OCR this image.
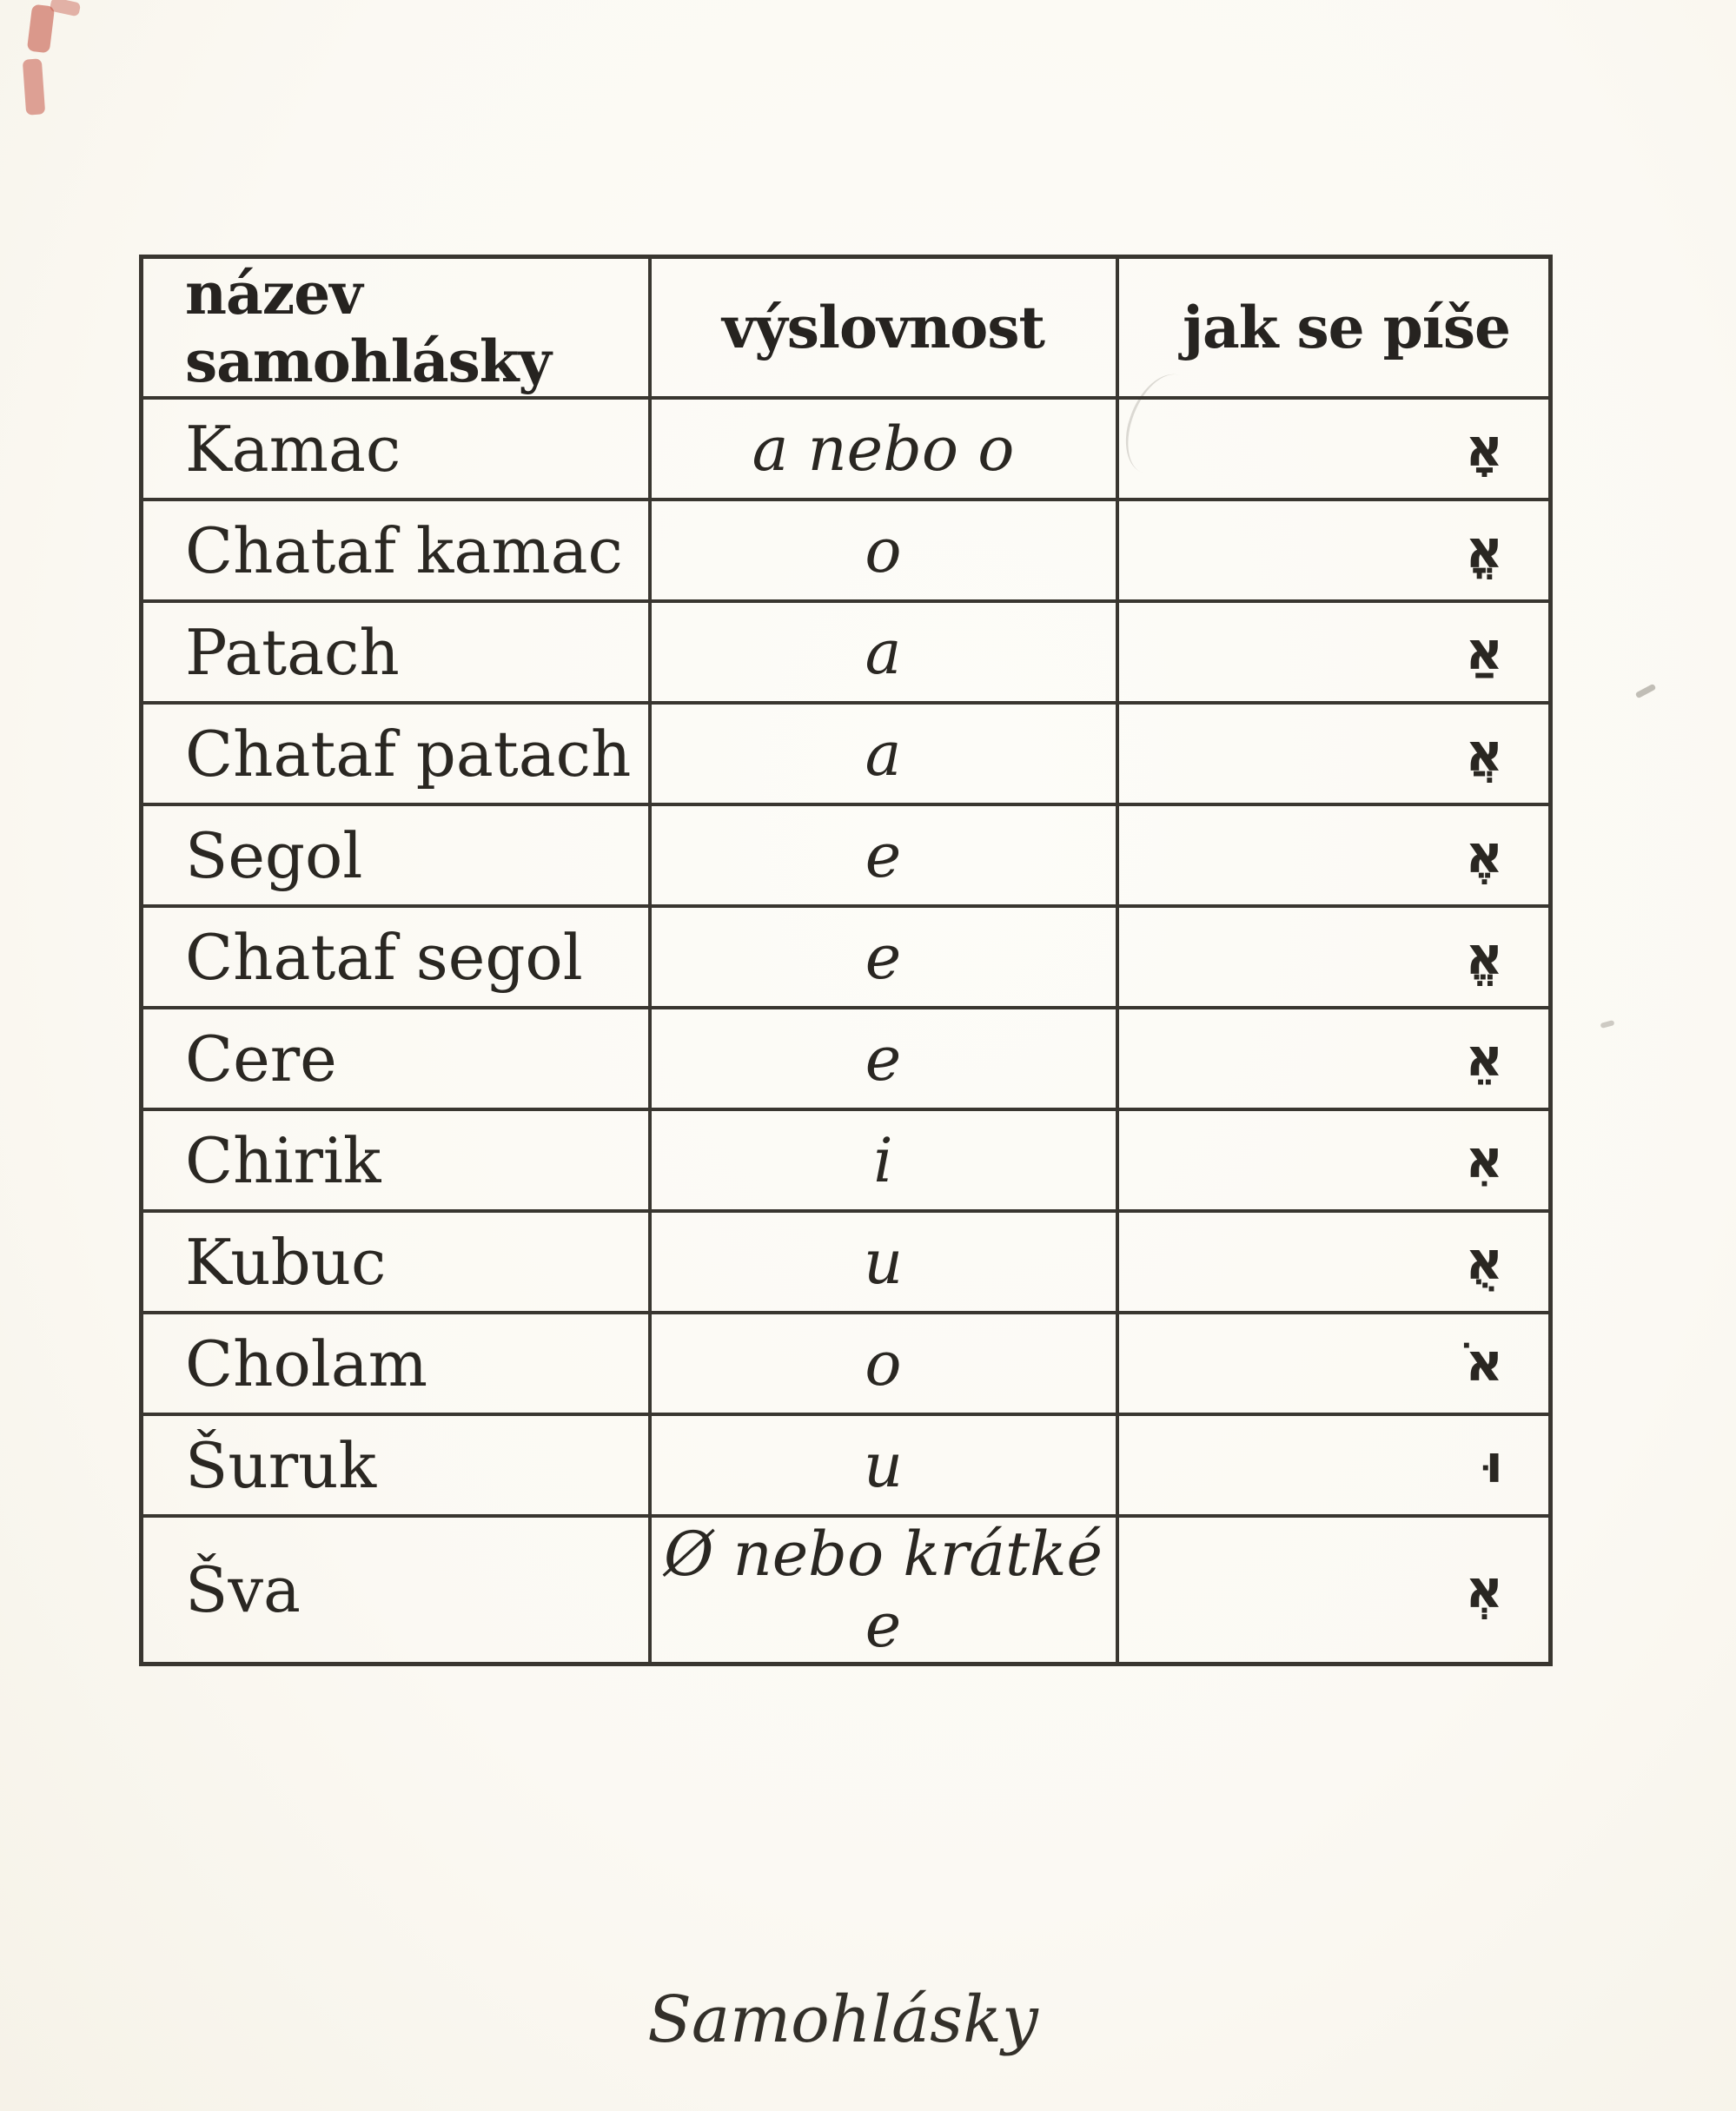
název samohlásky	výslovnost	jak se píše
Kamac	a nebo o	אָ
Chataf kamac	o	אֳ
Patach	a	אַ
Chataf patach	a	אֲ
Segol	e	אֶ
Chataf segol	e	אֱ
Cere	e	אֵ
Chirik	i	אִ
Kubuc	u	אֻ
Cholam	o	אֹ
Šuruk	u	וּ
Šva	Ø nebo krátké e	אְ
Samohlásky
